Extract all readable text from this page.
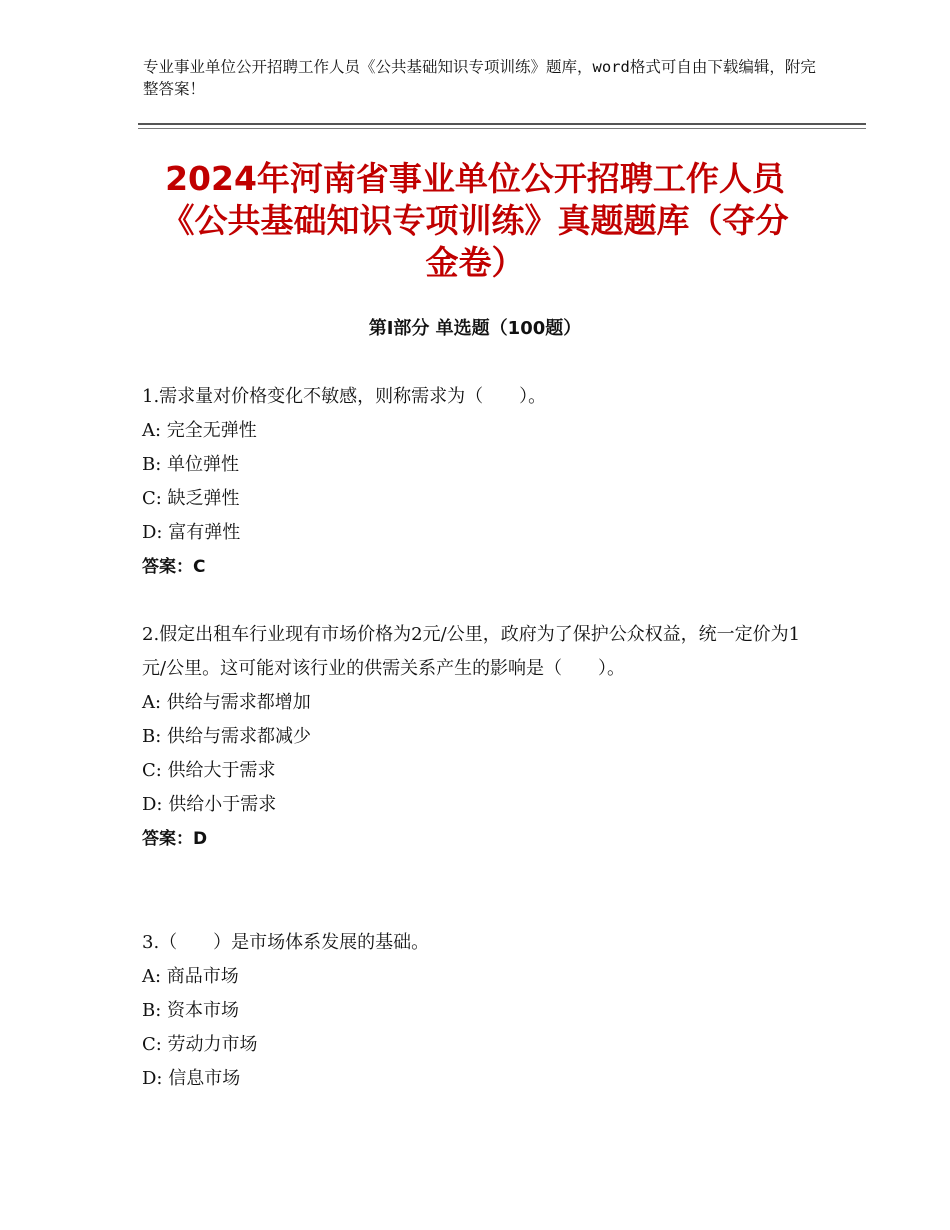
专业事业单位公开招聘工作人员《公共基础知识专项训练》题库，word格式可自由下载编辑，附完整答案！
2024年河南省事业单位公开招聘工作人员《公共基础知识专项训练》真题题库（夺分金卷）
第Ⅰ部分 单选题（100题）
1.需求量对价格变化不敏感，则称需求为（　　）。
A: 完全无弹性
B: 单位弹性
C: 缺乏弹性
D: 富有弹性
答案：C
2.假定出租车行业现有市场价格为2元/公里，政府为了保护公众权益，统一定价为1元/公里。这可能对该行业的供需关系产生的影响是（　　）。
A: 供给与需求都增加
B: 供给与需求都减少
C: 供给大于需求
D: 供给小于需求
答案：D
3.（　　）是市场体系发展的基础。
A: 商品市场
B: 资本市场
C: 劳动力市场
D: 信息市场
